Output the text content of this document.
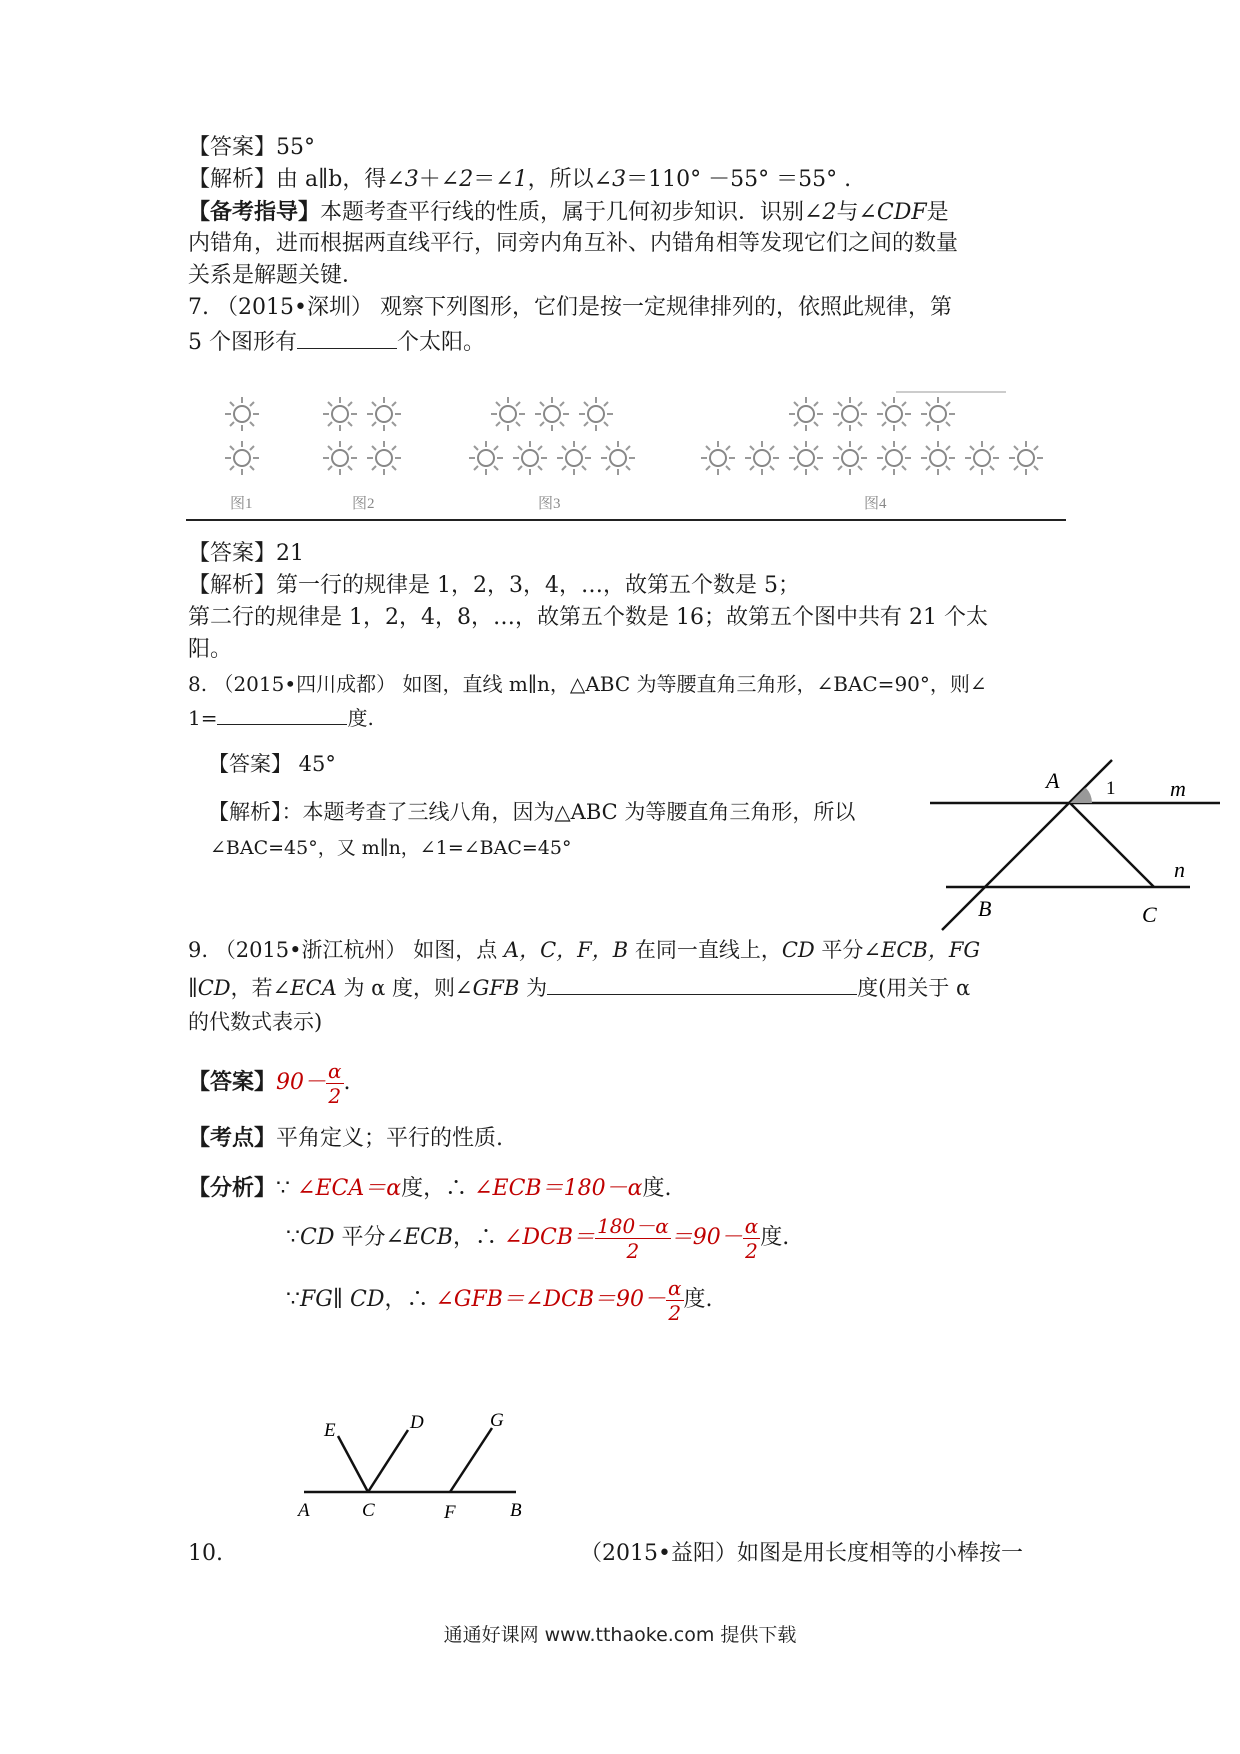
【答案】55°
【解析】由 a∥b，得∠3＋∠2＝∠1，所以∠3＝110° －55° ＝55° .
【备考指导】本题考查平行线的性质，属于几何初步知识．识别∠2与∠CDF是
内错角，进而根据两直线平行，同旁内角互补、内错角相等发现它们之间的数量
关系是解题关键．
7. （2015•深圳） 观察下列图形，它们是按一定规律排列的，依照此规律，第
5 个图形有	个太阳。
图1	图2	图3	图4
【答案】21
【解析】第一行的规律是 1，2，3，4，…，故第五个数是 5；
第二行的规律是 1，2，4，8，…，故第五个数是 16；故第五个图中共有 21 个太
阳。
8. （2015•四川成都） 如图，直线 m∥n，△ABC 为等腰直角三角形，∠BAC=90°，则∠
1=	度.
【答案】 45°
【解析】：本题考查了三线八角，因为△ABC 为等腰直角三角形，所以
∠BAC=45°，又 m∥n，∠1=∠BAC=45°
A 1 m
n
B	C
9. （2015•浙江杭州） 如图，点 A，C，F，B 在同一直线上，CD 平分∠ECB，FG
∥CD，若∠ECA 为 α 度，则∠GFB 为	度(用关于 α
的代数式表示)
【答案】$90- \frac{\alpha}{2}$ .
【考点】平角定义；平行的性质.
【分析】∵ ∠ECA＝α度，∴ ∠ECB＝180－α度.
∵CD 平分∠ECB，∴ ∠DCB＝ $\frac{180-\alpha}{2} =90- \frac{\alpha}{2}$ 度.
∵FG∥ CD，∴ ∠GFB＝∠DCB＝90－ $\frac{\alpha}{2}$ 度.
E	D	G
A	C	F	B
10.	（2015•益阳）如图是用长度相等的小棒按一
通通好课网 www.tthaoke.com 提供下载
